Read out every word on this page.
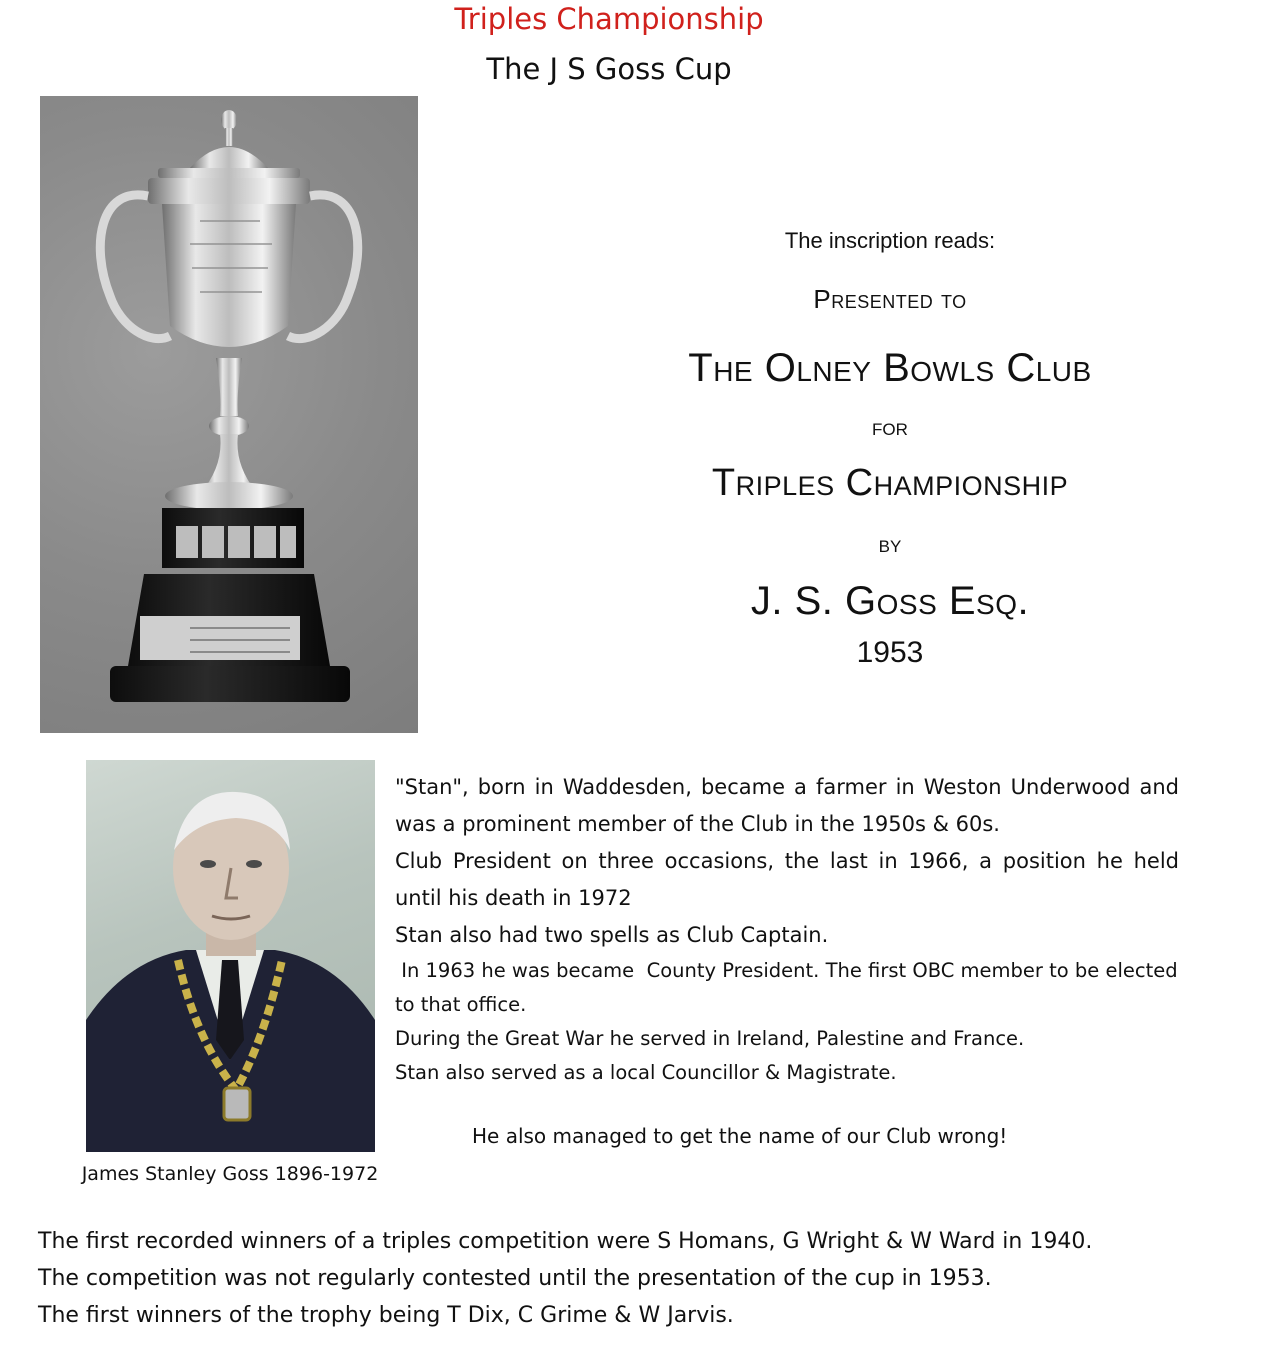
Triples Championship
The J S Goss Cup
The inscription reads:
Presented to
The Olney Bowls Club
for
Triples Championship
by
J. S. Goss Esq.
1953
James Stanley Goss 1896-1972
"Stan", born in Waddesden, became a farmer in Weston Underwood and
was a prominent member of the Club in the 1950s & 60s.
Club President on three occasions, the last in 1966, a position he held
until his death in 1972
Stan also had two spells as Club Captain.
In 1963 he was became  County President. The first OBC member to be elected
to that office.
During the Great War he served in Ireland, Palestine and France.
Stan also served as a local Councillor & Magistrate.
He also managed to get the name of our Club wrong!
The first recorded winners of a triples competition were S Homans, G Wright & W Ward in 1940.
The competition was not regularly contested until the presentation of the cup in 1953.
The first winners of the trophy being T Dix, C Grime & W Jarvis.
